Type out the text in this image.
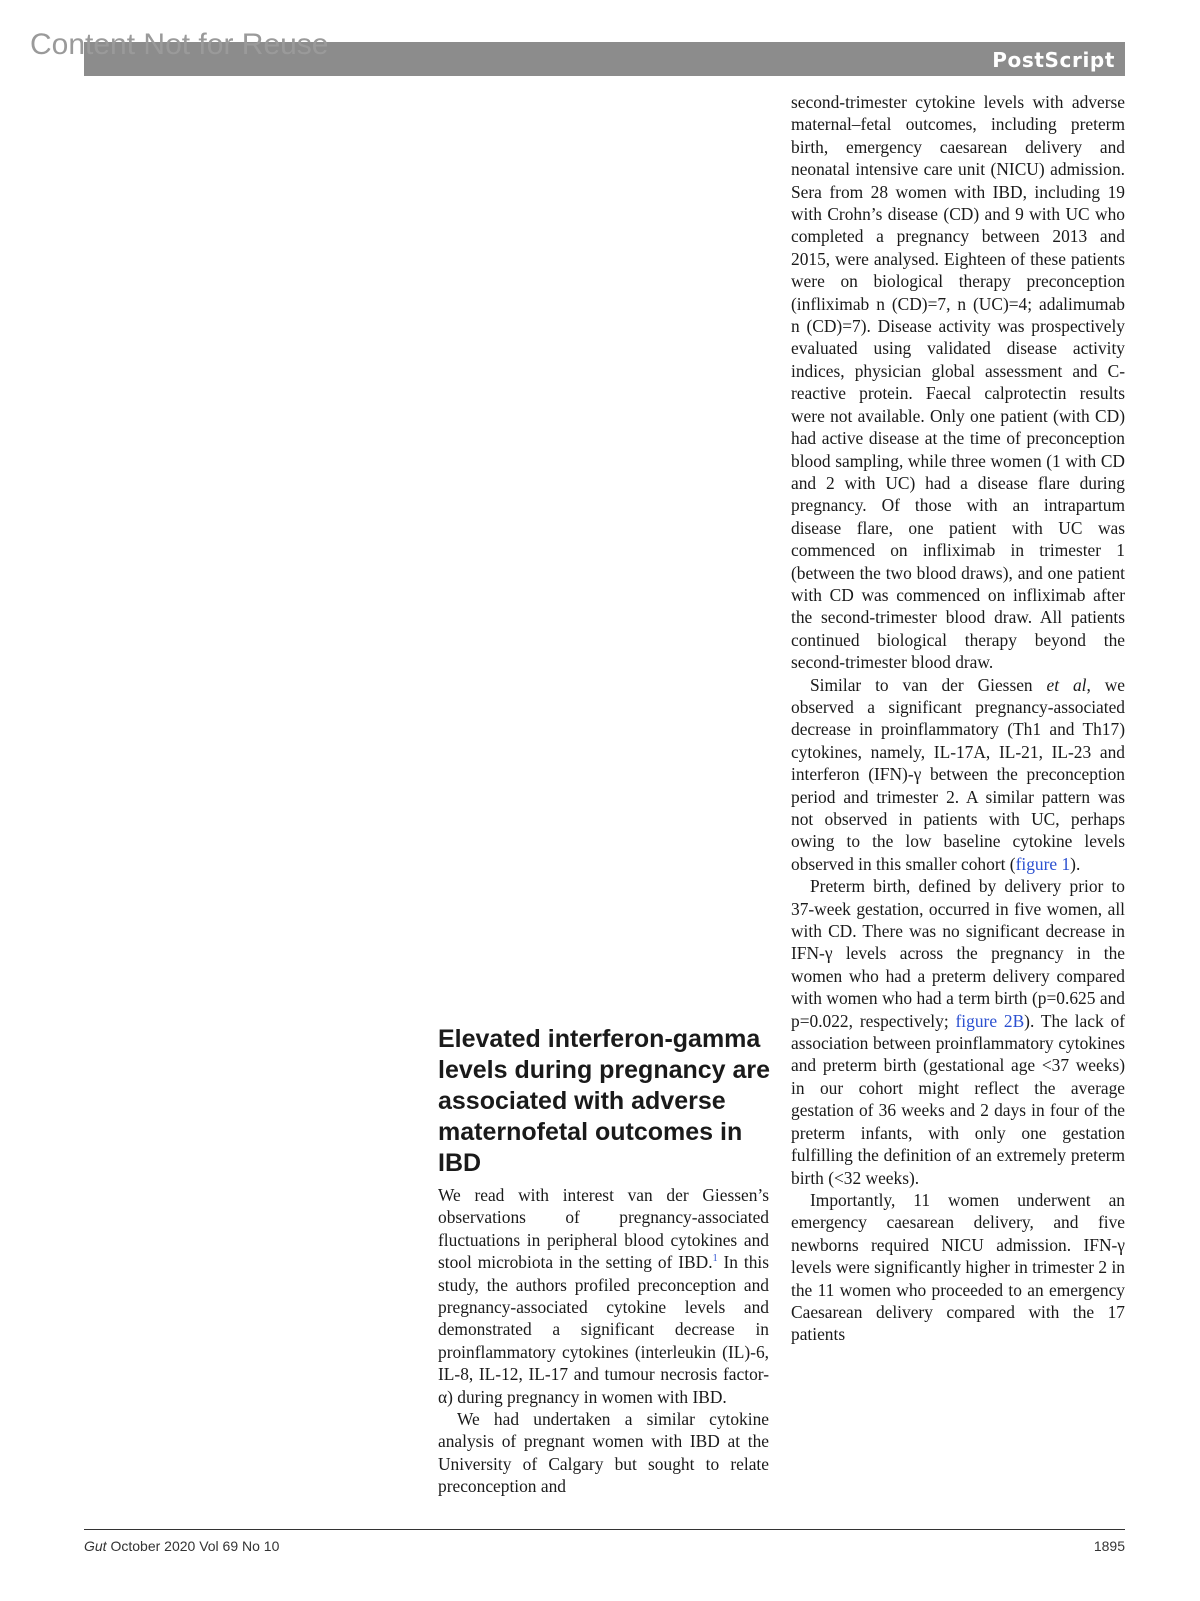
Content Not for Reuse	PostScript

second-trimester cytokine levels with adverse maternal–fetal outcomes, including preterm birth, emergency caesarean delivery and neonatal intensive care unit (NICU) admission. Sera from 28 women with IBD, including 19 with Crohn’s disease (CD) and 9 with UC who completed a pregnancy between 2013 and 2015, were analysed. Eighteen of these patients were on biological therapy preconception (infliximab n (CD)=7, n (UC)=4; adalimumab n (CD)=7). Disease activity was prospectively evaluated using validated disease activity indices, physician global assessment and C-reactive protein. Faecal calprotectin results were not available. Only one patient (with CD) had active disease at the time of preconception blood sampling, while three women (1 with CD and 2 with UC) had a disease flare during pregnancy. Of those with an intrapartum disease flare, one patient with UC was commenced on infliximab in trimester 1 (between the two blood draws), and one patient with CD was commenced on infliximab after the second-trimester blood draw. All patients continued biological therapy beyond the second-trimester blood draw.

Similar to van der Giessen et al, we observed a significant pregnancy-associated decrease in proinflammatory (Th1 and Th17) cytokines, namely, IL-17A, IL-21, IL-23 and interferon (IFN)-γ between the preconception period and trimester 2. A similar pattern was not observed in patients with UC, perhaps owing to the low baseline cytokine levels observed in this smaller cohort (figure 1).

Preterm birth, defined by delivery prior to 37-week gestation, occurred in five women, all with CD. There was no significant decrease in IFN-γ levels across the pregnancy in the women who had a preterm delivery compared with women who had a term birth (p=0.625 and p=0.022, respectively; figure 2B). The lack of association between proinflammatory cytokines and preterm birth (gestational age <37 weeks) in our cohort might reflect the average gestation of 36 weeks and 2 days in four of the preterm infants, with only one gestation fulfilling the definition of an extremely preterm birth (<32 weeks).

Importantly, 11 women underwent an emergency caesarean delivery, and five newborns required NICU admission. IFN-γ levels were significantly higher in trimester 2 in the 11 women who proceeded to an emergency Caesarean delivery compared with the 17 patients

Elevated interferon-gamma levels during pregnancy are associated with adverse maternofetal outcomes in IBD

We read with interest van der Giessen’s observations of pregnancy-associated fluctuations in peripheral blood cytokines and stool microbiota in the setting of IBD.$^1$ In this study, the authors profiled preconception and pregnancy-associated cytokine levels and demonstrated a significant decrease in proinflammatory cytokines (interleukin (IL)-6, IL-8, IL-12, IL-17 and tumour necrosis factor-α) during pregnancy in women with IBD.

We had undertaken a similar cytokine analysis of pregnant women with IBD at the University of Calgary but sought to relate preconception and

Gut October 2020 Vol 69 No 10	1895
